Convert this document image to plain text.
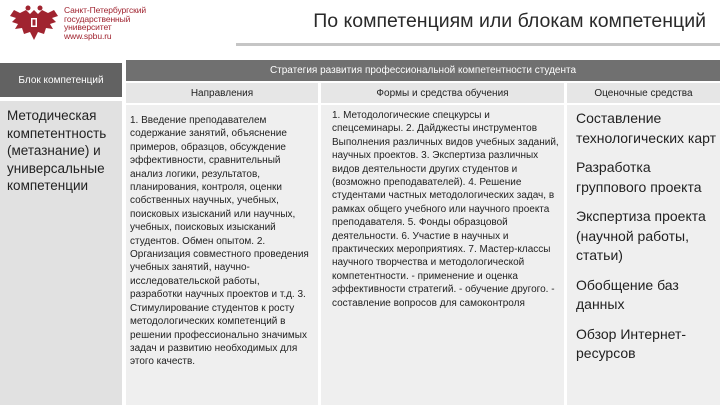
Санкт-Петербургский
государственный
университет
www.spbu.ru
По компетенциям или блокам компетенций
Блок компетенций
Методическая компетентность (метазнание) и универсальные компетенции
Стратегия развития профессиональной компетентности студента
Направления	Формы и средства обучения	Оценочные средства
1. Введение преподавателем содержание занятий, объяснение примеров, образцов, обсуждение эффективности, сравнительный анализ логики, результатов, планирования, контроля, оценки собственных научных, учебных, поисковых изысканий или научных, учебных, поисковых изысканий студентов. Обмен опытом. 2. Организация совместного проведения учебных занятий, научно-исследовательской работы, разработки научных проектов и т.д. 3. Стимулирование студентов к росту методологических компетенций в решении профессионально значимых задач и развитию необходимых для этого качеств.
1. Методологические спецкурсы и спецсеминары. 2. Дайджесты инструментов Выполнения различных видов учебных заданий, научных проектов. 3. Экспертиза различных видов деятельности других студентов и (возможно преподавателей). 4. Решение студентами частных методологических задач, в рамках общего учебного или научного проекта преподавателя. 5. Фонды образцовой деятельности. 6. Участие в научных и практических мероприятиях. 7. Мастер-классы научного творчества и методологической компетентности. - применение и оценка эффективности стратегий. - обучение другого. - составление вопросов для самоконтроля
Составление технологических карт
Разработка группового проекта
Экспертиза проекта (научной работы, статьи)
Обобщение баз данных
Обзор Интернет-ресурсов
